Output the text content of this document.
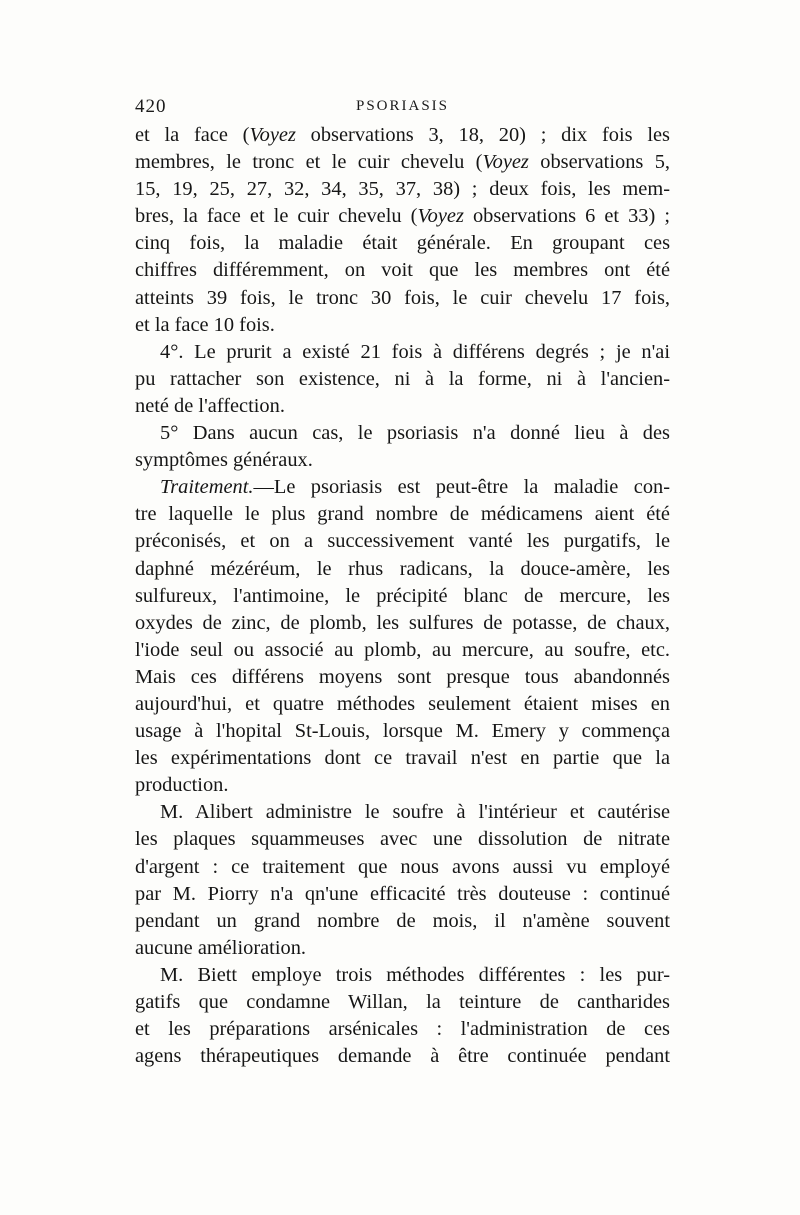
420	PSORIASIS
et la face (Voyez observations 3, 18, 20) ; dix fois les
membres, le tronc et le cuir chevelu (Voyez observations 5,
15, 19, 25, 27, 32, 34, 35, 37, 38) ; deux fois, les mem-
bres, la face et le cuir chevelu (Voyez observations 6 et 33) ;
cinq fois, la maladie était générale. En groupant ces
chiffres différemment, on voit que les membres ont été
atteints 39 fois, le tronc 30 fois, le cuir chevelu 17 fois,
et la face 10 fois.
4°. Le prurit a existé 21 fois à différens degrés ; je n'ai
pu rattacher son existence, ni à la forme, ni à l'ancien-
neté de l'affection.
5° Dans aucun cas, le psoriasis n'a donné lieu à des
symptômes généraux.
Traitement.—Le psoriasis est peut-être la maladie con-
tre laquelle le plus grand nombre de médicamens aient été
préconisés, et on a successivement vanté les purgatifs, le
daphné mézéréum, le rhus radicans, la douce-amère, les
sulfureux, l'antimoine, le précipité blanc de mercure, les
oxydes de zinc, de plomb, les sulfures de potasse, de chaux,
l'iode seul ou associé au plomb, au mercure, au soufre, etc.
Mais ces différens moyens sont presque tous abandonnés
aujourd'hui, et quatre méthodes seulement étaient mises en
usage à l'hopital St-Louis, lorsque M. Emery y commença
les expérimentations dont ce travail n'est en partie que la
production.
M. Alibert administre le soufre à l'intérieur et cautérise
les plaques squammeuses avec une dissolution de nitrate
d'argent : ce traitement que nous avons aussi vu employé
par M. Piorry n'a qn'une efficacité très douteuse : continué
pendant un grand nombre de mois, il n'amène souvent
aucune amélioration.
M. Biett employe trois méthodes différentes : les pur-
gatifs que condamne Willan, la teinture de cantharides
et les préparations arsénicales : l'administration de ces
agens thérapeutiques demande à être continuée pendant
